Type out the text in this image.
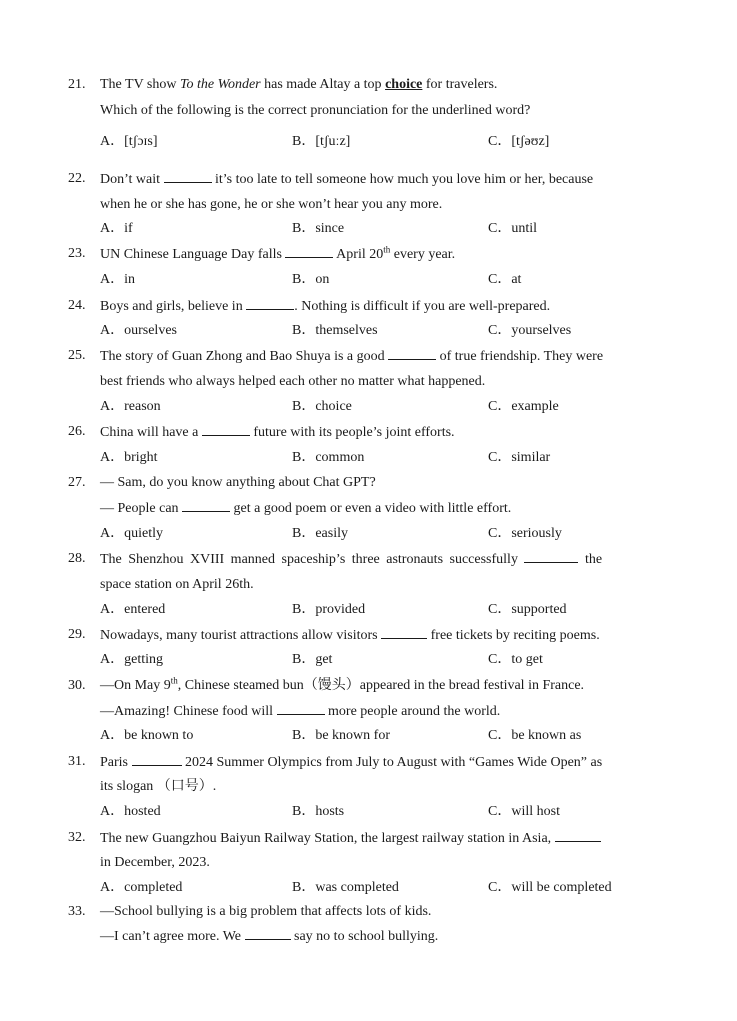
21. The TV show To the Wonder has made Altay a top choice for travelers.
Which of the following is the correct pronunciation for the underlined word?
A．[tʃɔɪs]	B．[tʃuːz]	C．[tʃəʊz]
22. Don’t wait	it’s too late to tell someone how much you love him or her, because
when he or she has gone, he or she won’t hear you any more.
A．if	B．since	C．until
23. UN Chinese Language Day falls	April 20th every year.
A．in	B．on	C．at
24. Boys and girls, believe in	. Nothing is difficult if you are well-prepared.
A．ourselves	B．themselves	C．yourselves
25. The story of Guan Zhong and Bao Shuya is a good	of true friendship. They were
best friends who always helped each other no matter what happened.
A．reason	B．choice	C．example
26. China will have a	future with its people’s joint efforts.
A．bright	B．common	C．similar
27. — Sam, do you know anything about Chat GPT?
— People can	get a good poem or even a video with little effort.
A．quietly	B．easily	C．seriously
28. The Shenzhou XVIII manned spaceship’s three astronauts successfully	the
space station on April 26th.
A．entered	B．provided	C．supported
29. Nowadays, many tourist attractions allow visitors	free tickets by reciting poems.
A．getting	B．get	C．to get
30. —On May 9th, Chinese steamed bun（馒头）appeared in the bread festival in France.
—Amazing! Chinese food will	more people around the world.
A．be known to	B．be known for	C．be known as
31. Paris	2024 Summer Olympics from July to August with “Games Wide Open” as
its slogan （口号）.
A．hosted	B．hosts	C．will host
32. The new Guangzhou Baiyun Railway Station, the largest railway station in Asia,
in December, 2023.
A．completed	B．was completed	C．will be completed
33. —School bullying is a big problem that affects lots of kids.
—I can’t agree more. We	say no to school bullying.
